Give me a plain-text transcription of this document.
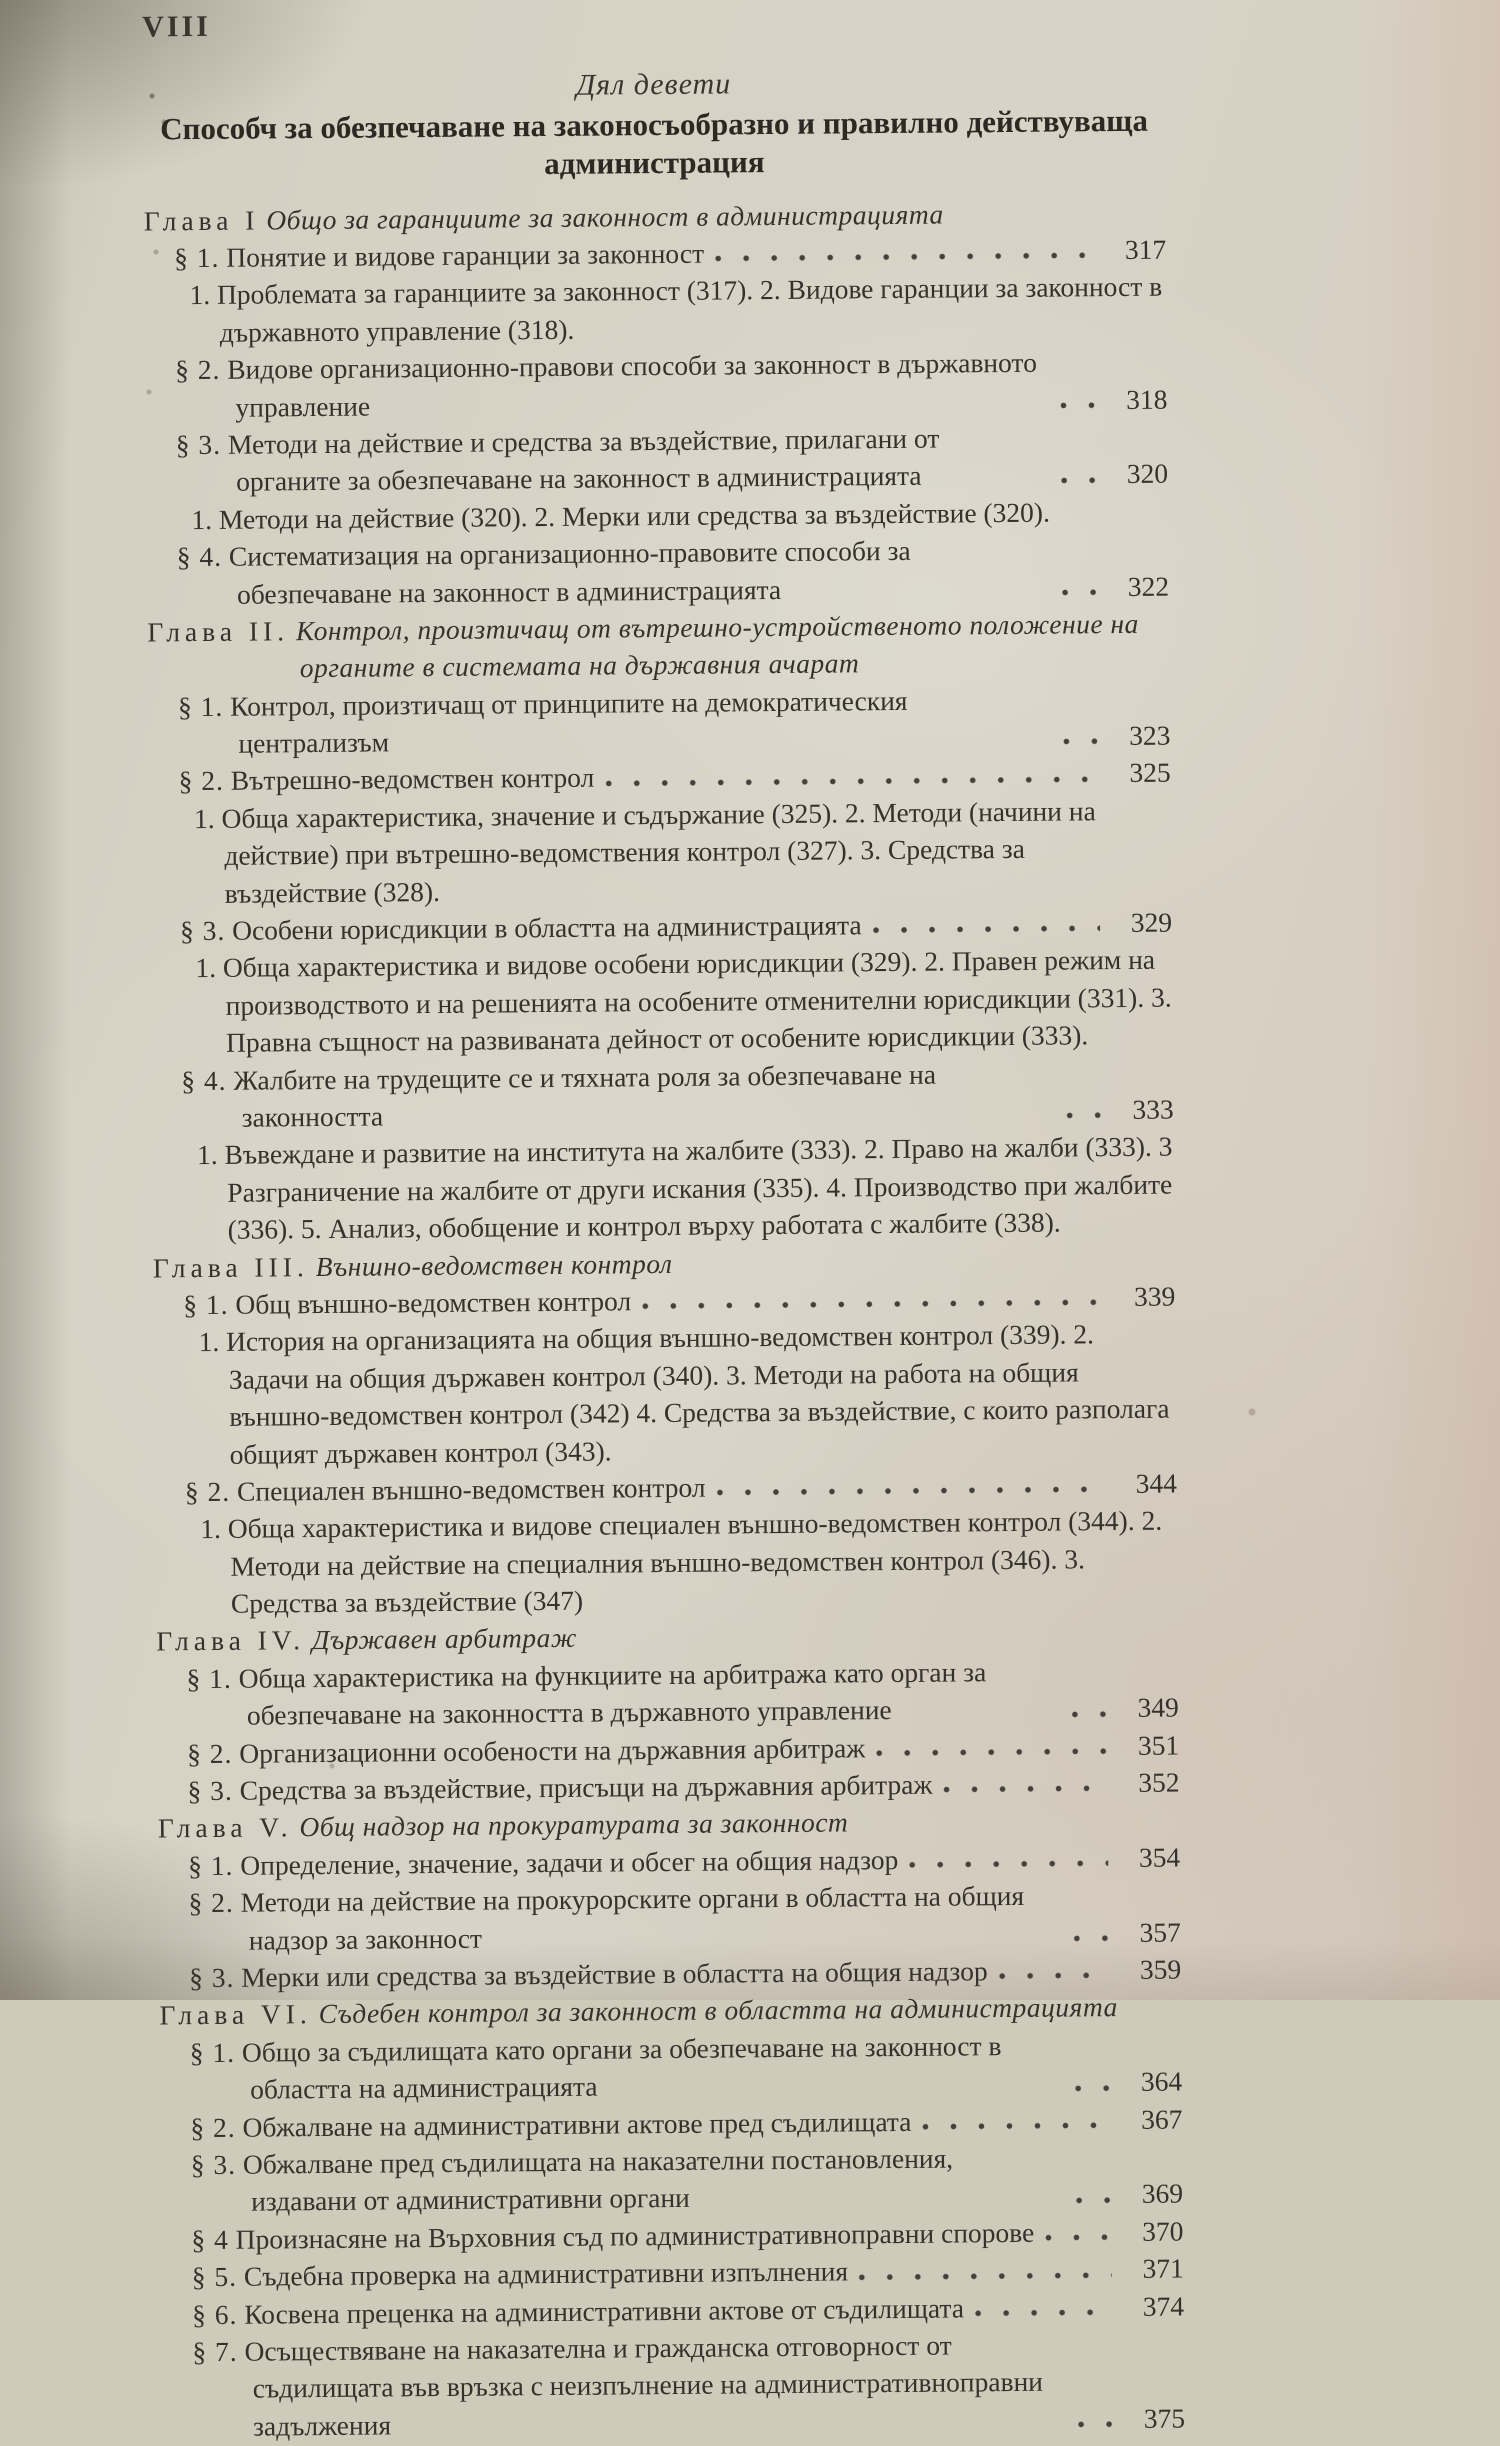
VIII
Дял девети
Способч за обезпечаване на законосъобразно и правилно действуваща
администрация
Глава I Общо за гаранциите за законност в администрацията
§ 1. Понятие и видове гаранции за законност	317
1. Проблемата за гаранциите за законност (317). 2. Видове гаранции за законност в държавното управление (318).
§ 2. Видове организационно-правови способи за законност в държавното управление	318
§ 3. Методи на действие и средства за въздействие, прилагани от органите за обезпечаване на законност в администрацията	320
1. Методи на действие (320). 2. Мерки или средства за въздействие (320).
§ 4. Систематизация на организационно-правовите способи за обезпечаване на законност в администрацията	322
Глава II. Контрол, произтичащ от вътрешно-устройственото положение на
органите в системата на държавния ачарат
§ 1. Контрол, произтичащ от принципите на демократическия централизъм	323
§ 2. Вътрешно-ведомствен контрол	325
1. Обща характеристика, значение и съдържание (325). 2. Методи (начини на действие) при вътрешно-ведомствения контрол (327). 3. Средства за въздействие (328).
§ 3. Особени юрисдикции в областта на администрацията	329
1. Обща характеристика и видове особени юрисдикции (329). 2. Правен режим на производството и на решенията на особените отменителни юрисдикции (331). 3. Правна същност на развиваната дейност от особените юрисдикции (333).
§ 4. Жалбите на трудещите се и тяхната роля за обезпечаване на законността	333
1. Въвеждане и развитие на института на жалбите (333). 2. Право на жалби (333). 3 Разграничение на жалбите от други искания (335). 4. Производство при жалбите (336). 5. Анализ, обобщение и контрол върху работата с жалбите (338).
Глава III. Външно-ведомствен контрол
§ 1. Общ външно-ведомствен контрол	339
1. История на организацията на общия външно-ведомствен контрол (339). 2. Задачи на общия държавен контрол (340). 3. Методи на работа на общия външно-ведомствен контрол (342) 4. Средства за въздействие, с които разполага общият държавен контрол (343).
§ 2. Специален външно-ведомствен контрол	344
1. Обща характеристика и видове специален външно-ведомствен контрол (344). 2. Методи на действие на специалния външно-ведомствен контрол (346). 3. Средства за въздействие (347)
Глава IV. Държавен арбитраж
§ 1. Обща характеристика на функциите на арбитража като орган за обезпечаване на законността в държавното управление	349
§ 2. Организационни особености на държавния арбитраж	351
§ 3. Средства за въздействие, присъщи на държавния арбитраж	352
Глава V. Общ надзор на прокуратурата за законност
§ 1. Определение, значение, задачи и обсег на общия надзор	354
§ 2. Методи на действие на прокурорските органи в областта на общия надзор за законност	357
§ 3. Мерки или средства за въздействие в областта на общия надзор	359
Глава VI. Съдебен контрол за законност в областта на администрацията
§ 1. Общо за съдилищата като органи за обезпечаване на законност в областта на администрацията	364
§ 2. Обжалване на административни актове пред съдилищата	367
§ 3. Обжалване пред съдилищата на наказателни постановления, издавани от административни органи	369
§ 4 Произнасяне на Върховния съд по административноправни спорове	370
§ 5. Съдебна проверка на административни изпълнения	371
§ 6. Косвена преценка на административни актове от съдилищата	374
§ 7. Осъществяване на наказателна и гражданска отговорност от съдилищата във връзка с неизпълнение на административноправни задължения	375
